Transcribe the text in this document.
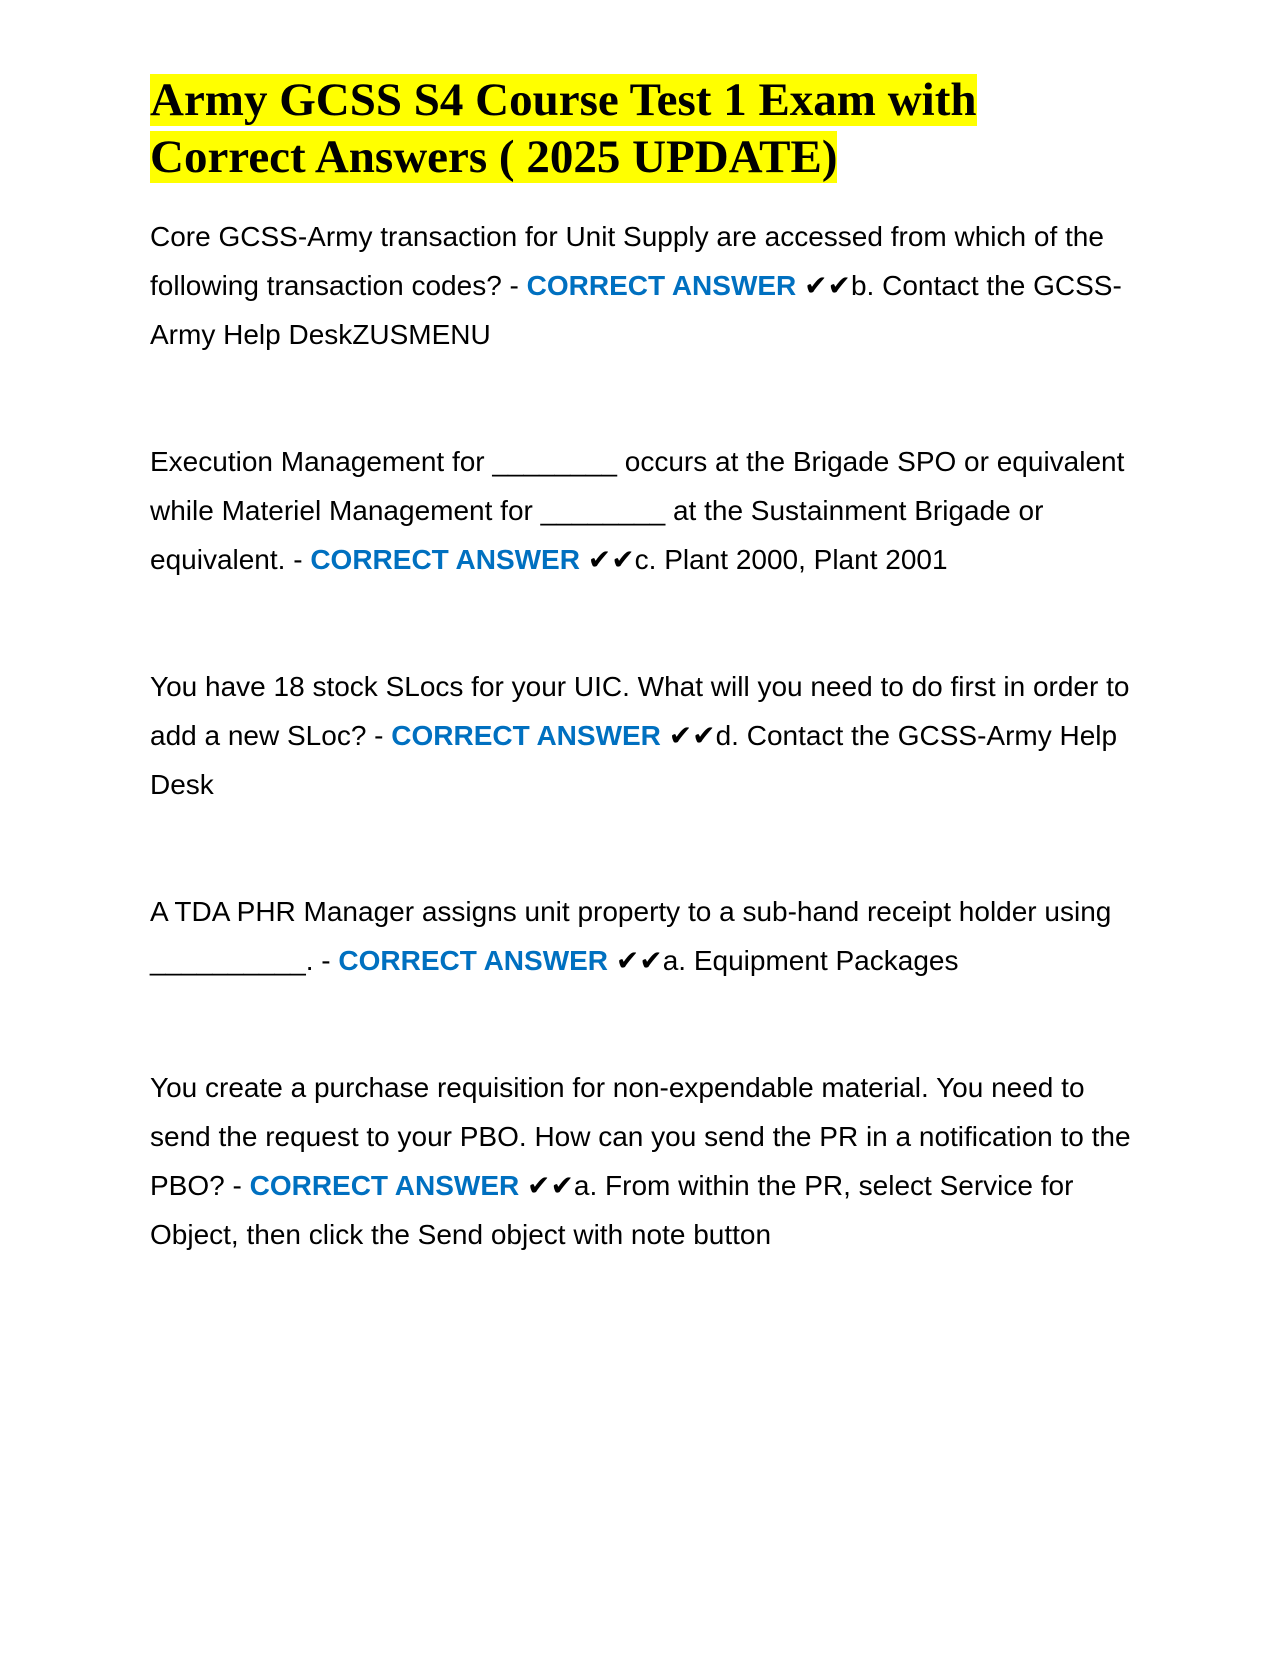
Army GCSS S4 Course Test 1 Exam with Correct Answers ( 2025 UPDATE)

Core GCSS-Army transaction for Unit Supply are accessed from which of the following transaction codes? - CORRECT ANSWER ✔✔b. Contact the GCSS-Army Help DeskZUSMENU

Execution Management for ________ occurs at the Brigade SPO or equivalent while Materiel Management for ________ at the Sustainment Brigade or equivalent. - CORRECT ANSWER ✔✔c. Plant 2000, Plant 2001

You have 18 stock SLocs for your UIC. What will you need to do first in order to add a new SLoc? - CORRECT ANSWER ✔✔d. Contact the GCSS-Army Help Desk

A TDA PHR Manager assigns unit property to a sub-hand receipt holder using __________. - CORRECT ANSWER ✔✔a. Equipment Packages

You create a purchase requisition for non-expendable material. You need to send the request to your PBO. How can you send the PR in a notification to the PBO? - CORRECT ANSWER ✔✔a. From within the PR, select Service for Object, then click the Send object with note button
